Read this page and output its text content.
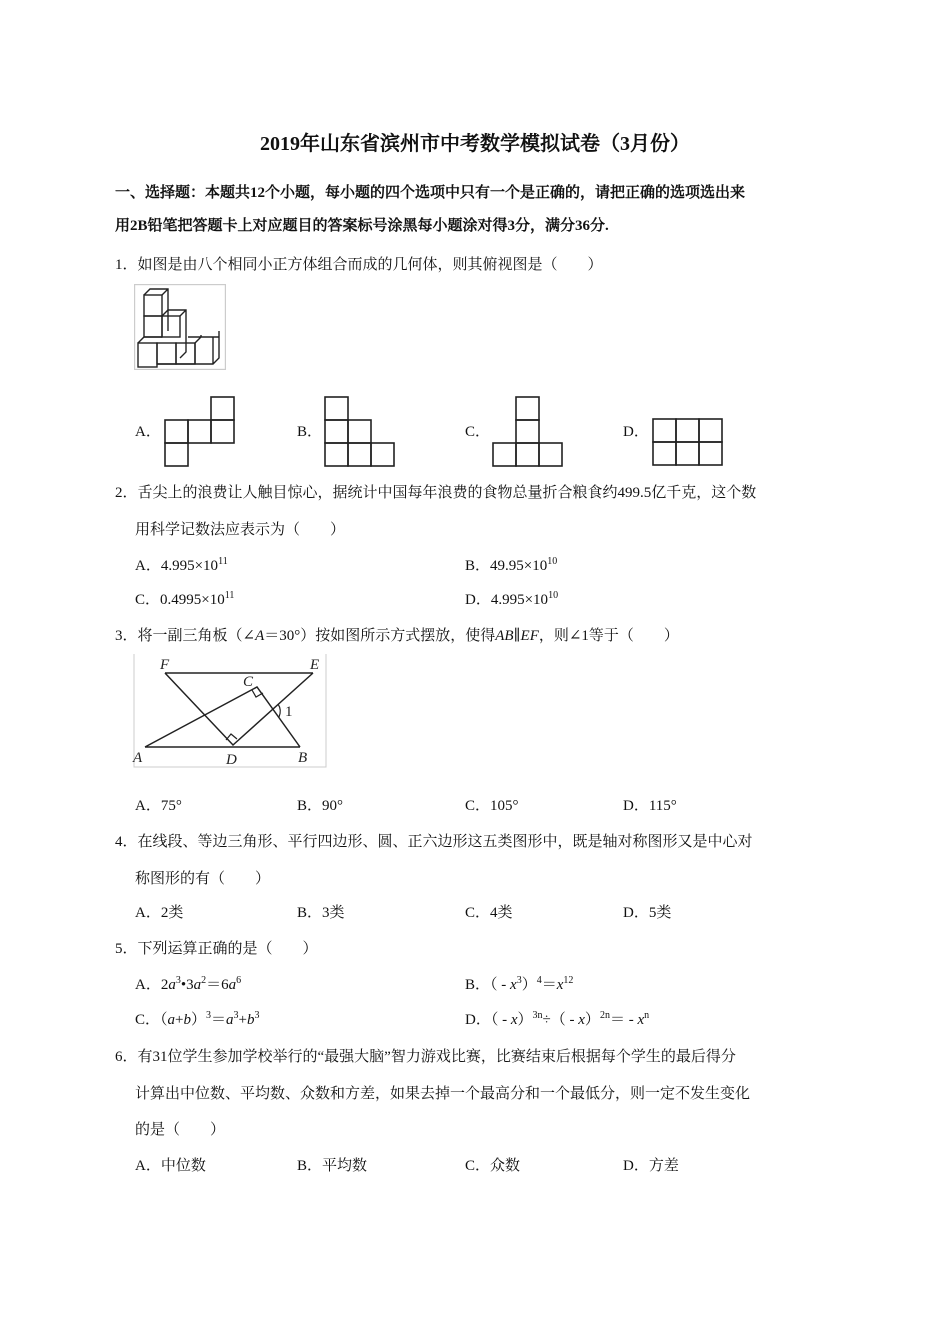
2019年山东省滨州市中考数学模拟试卷（3月份）
一、选择题：本题共12个小题，每小题的四个选项中只有一个是正确的，请把正确的选项选出来
用2B铅笔把答题卡上对应题目的答案标号涂黑每小题涂对得3分，满分36分.
1．如图是由八个相同小正方体组合而成的几何体，则其俯视图是（　　）
A．	B．	C．	D．
2．舌尖上的浪费让人触目惊心，据统计中国每年浪费的食物总量折合粮食约499.5亿千克，这个数
用科学记数法应表示为（　　）
A．$4.995\times 10^{11}$	B．$49.95\times 10^{10}$
C．$0.4995\times 10^{11}$	D．$4.995\times 10^{10}$
3．将一副三角板（∠A＝30°）按如图所示方式摆放，使得AB∥EF，则∠1等于（　　）
F	E
C
1
A	D	B
A．75°	B．90°	C．105°	D．115°
4．在线段、等边三角形、平行四边形、圆、正六边形这五类图形中，既是轴对称图形又是中心对
称图形的有（　　）
A．2类	B．3类	C．4类	D．5类
5．下列运算正确的是（　　）
A．$2a^3•3a^2=6a^6$	B．（ - $x^3)^4=x^{12}$
C．$(a+b)^3=a^3+b^3$	D．（ - $x)^{3n}\div( - x)^{2n}= - x^n$
6．有31位学生参加学校举行的“最强大脑”智力游戏比赛，比赛结束后根据每个学生的最后得分
计算出中位数、平均数、众数和方差，如果去掉一个最高分和一个最低分，则一定不发生变化
的是（　　）
A．中位数	B．平均数	C．众数	D．方差
